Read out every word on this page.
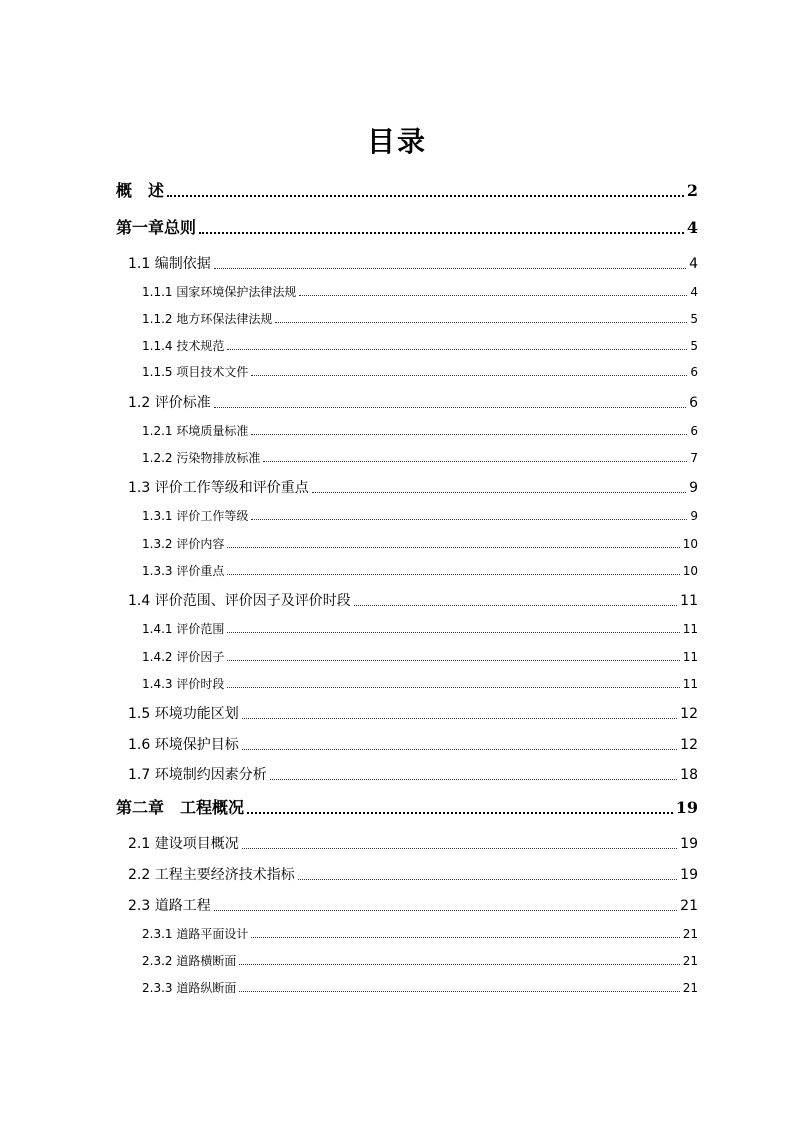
目录
概　述	2
第一章总则	4
1.1 编制依据	4
1.1.1 国家环境保护法律法规	4
1.1.2 地方环保法律法规	5
1.1.4 技术规范	5
1.1.5 项目技术文件	6
1.2 评价标准	6
1.2.1 环境质量标准	6
1.2.2 污染物排放标准	7
1.3 评价工作等级和评价重点	9
1.3.1 评价工作等级	9
1.3.2 评价内容	10
1.3.3 评价重点	10
1.4 评价范围、评价因子及评价时段	11
1.4.1 评价范围	11
1.4.2 评价因子	11
1.4.3 评价时段	11
1.5 环境功能区划	12
1.6 环境保护目标	12
1.7 环境制约因素分析	18
第二章　工程概况	19
2.1 建设项目概况	19
2.2 工程主要经济技术指标	19
2.3 道路工程	21
2.3.1 道路平面设计	21
2.3.2 道路横断面	21
2.3.3 道路纵断面	21
